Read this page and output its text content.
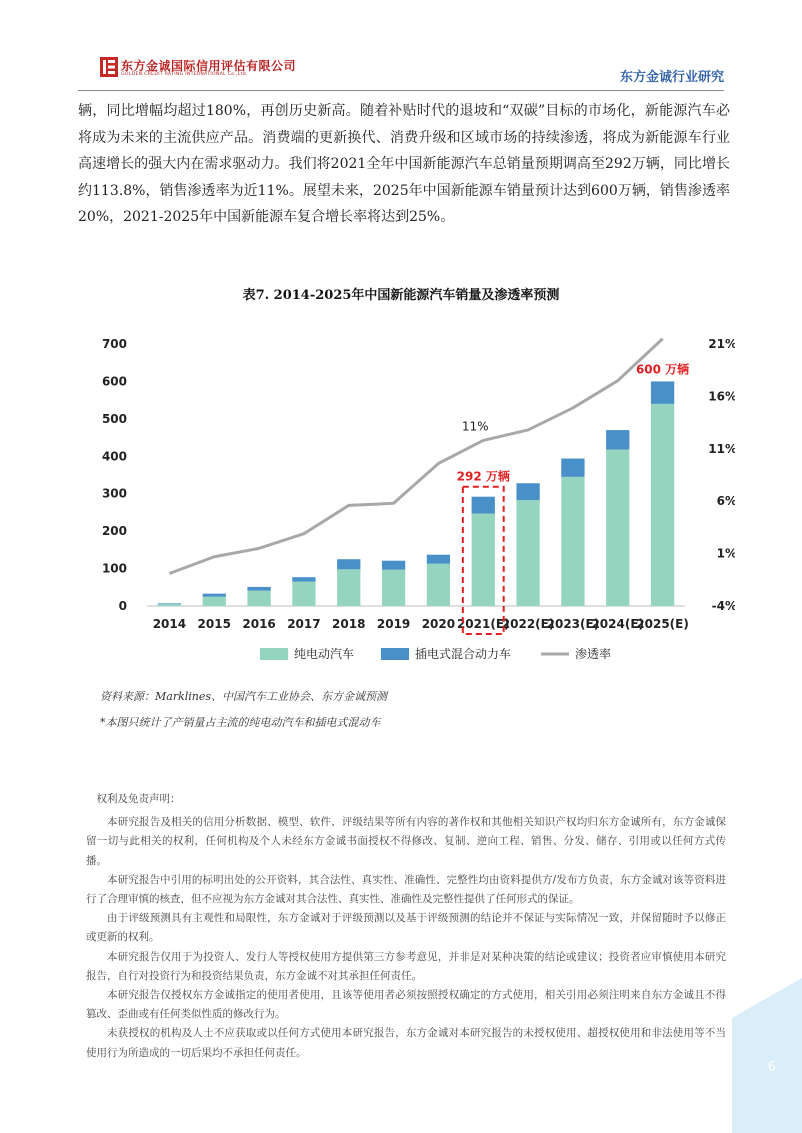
东方金诚国际信用评估有限公司
GOLDEN CREDIT RATING INTERNATIONAL Co.,Ltd.	东方金诚行业研究

辆，同比增幅均超过180%，再创历史新高。随着补贴时代的退坡和“双碳”目标的市场化，新能源汽车必将成为未来的主流供应产品。消费端的更新换代、消费升级和区域市场的持续渗透，将成为新能源车行业高速增长的强大内在需求驱动力。我们将2021全年中国新能源汽车总销量预期调高至292万辆，同比增长约113.8%，销售渗透率为近11%。展望未来，2025年中国新能源车销量预计达到600万辆，销售渗透率20%，2021-2025年中国新能源车复合增长率将达到25%。

表7. 2014-2025年中国新能源汽车销量及渗透率预测
0
100
200
300
400
500
600
700
-4%
1%
6%
11%
16%
21%
2014 2015 2016 2017 2018 2019 2020 2021(E)
2022(E)
2023(E)
2024(E)
2025(E)
292 万辆
600 万辆
11%
纯电动汽车	插电式混合动力车	渗透率
资料来源：Marklines、中国汽车工业协会、东方金诚预测
*本图只统计了产销量占主流的纯电动汽车和插电式混动车

权利及免责声明：

本研究报告及相关的信用分析数据、模型、软件、评级结果等所有内容的著作权和其他相关知识产权均归东方金诚所有，东方金诚保留一切与此相关的权利，任何机构及个人未经东方金诚书面授权不得修改、复制、逆向工程、销售、分发、储存、引用或以任何方式传播。

本研究报告中引用的标明出处的公开资料，其合法性、真实性、准确性、完整性均由资料提供方/发布方负责，东方金诚对该等资料进行了合理审慎的核查，但不应视为东方金诚对其合法性、真实性、准确性及完整性提供了任何形式的保证。

由于评级预测具有主观性和局限性，东方金诚对于评级预测以及基于评级预测的结论并不保证与实际情况一致，并保留随时予以修正或更新的权利。

本研究报告仅用于为投资人、发行人等授权使用方提供第三方参考意见，并非是对某种决策的结论或建议；投资者应审慎使用本研究报告，自行对投资行为和投资结果负责，东方金诚不对其承担任何责任。

本研究报告仅授权东方金诚指定的使用者使用，且该等使用者必须按照授权确定的方式使用，相关引用必须注明来自东方金诚且不得篡改、歪曲或有任何类似性质的修改行为。

未获授权的机构及人士不应获取或以任何方式使用本研究报告，东方金诚对本研究报告的未授权使用、超授权使用和非法使用等不当使用行为所造成的一切后果均不承担任何责任。

6
